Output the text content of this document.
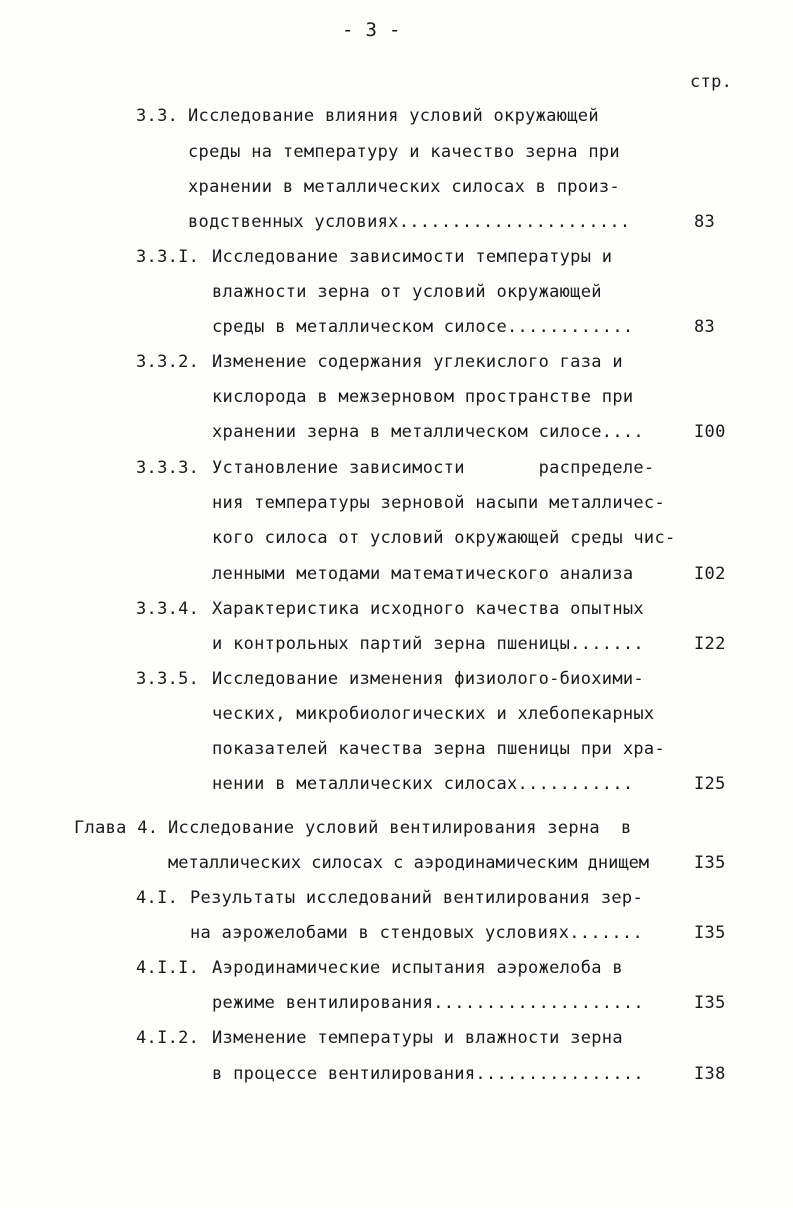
- 3 -
стр.
3.3. Исследование влияния условий окружающей
среды на температуру и качество зерна при
хранении в металлических силосах в произ-
водственных условиях......................	83
3.3.I. Исследование зависимости температуры и
влажности зерна от условий окружающей
среды в металлическом силосе............	83
3.3.2. Изменение содержания углекислого газа и
кислорода в межзерновом пространстве при
хранении зерна в металлическом силосе....	I00
3.3.3. Установление зависимости       распределе-
ния температуры зерновой насыпи металличес-
кого силоса от условий окружающей среды чис-
ленными методами математического анализа	I02
3.3.4. Характеристика исходного качества опытных
и контрольных партий зерна пшеницы.......	I22
3.3.5. Исследование изменения физиолого-биохими-
ческих, микробиологических и хлебопекарных
показателей качества зерна пшеницы при хра-
нении в металлических силосах...........	I25
Глава 4. Исследование условий вентилирования зерна  в
металлических силосах с аэродинамическим днищем	I35
4.I. Результаты исследований вентилирования зер-
на аэрожелобами в стендовых условиях.......	I35
4.I.I. Аэродинамические испытания аэрожелоба в
режиме вентилирования....................	I35
4.I.2. Изменение температуры и влажности зерна
в процессе вентилирования................	I38
